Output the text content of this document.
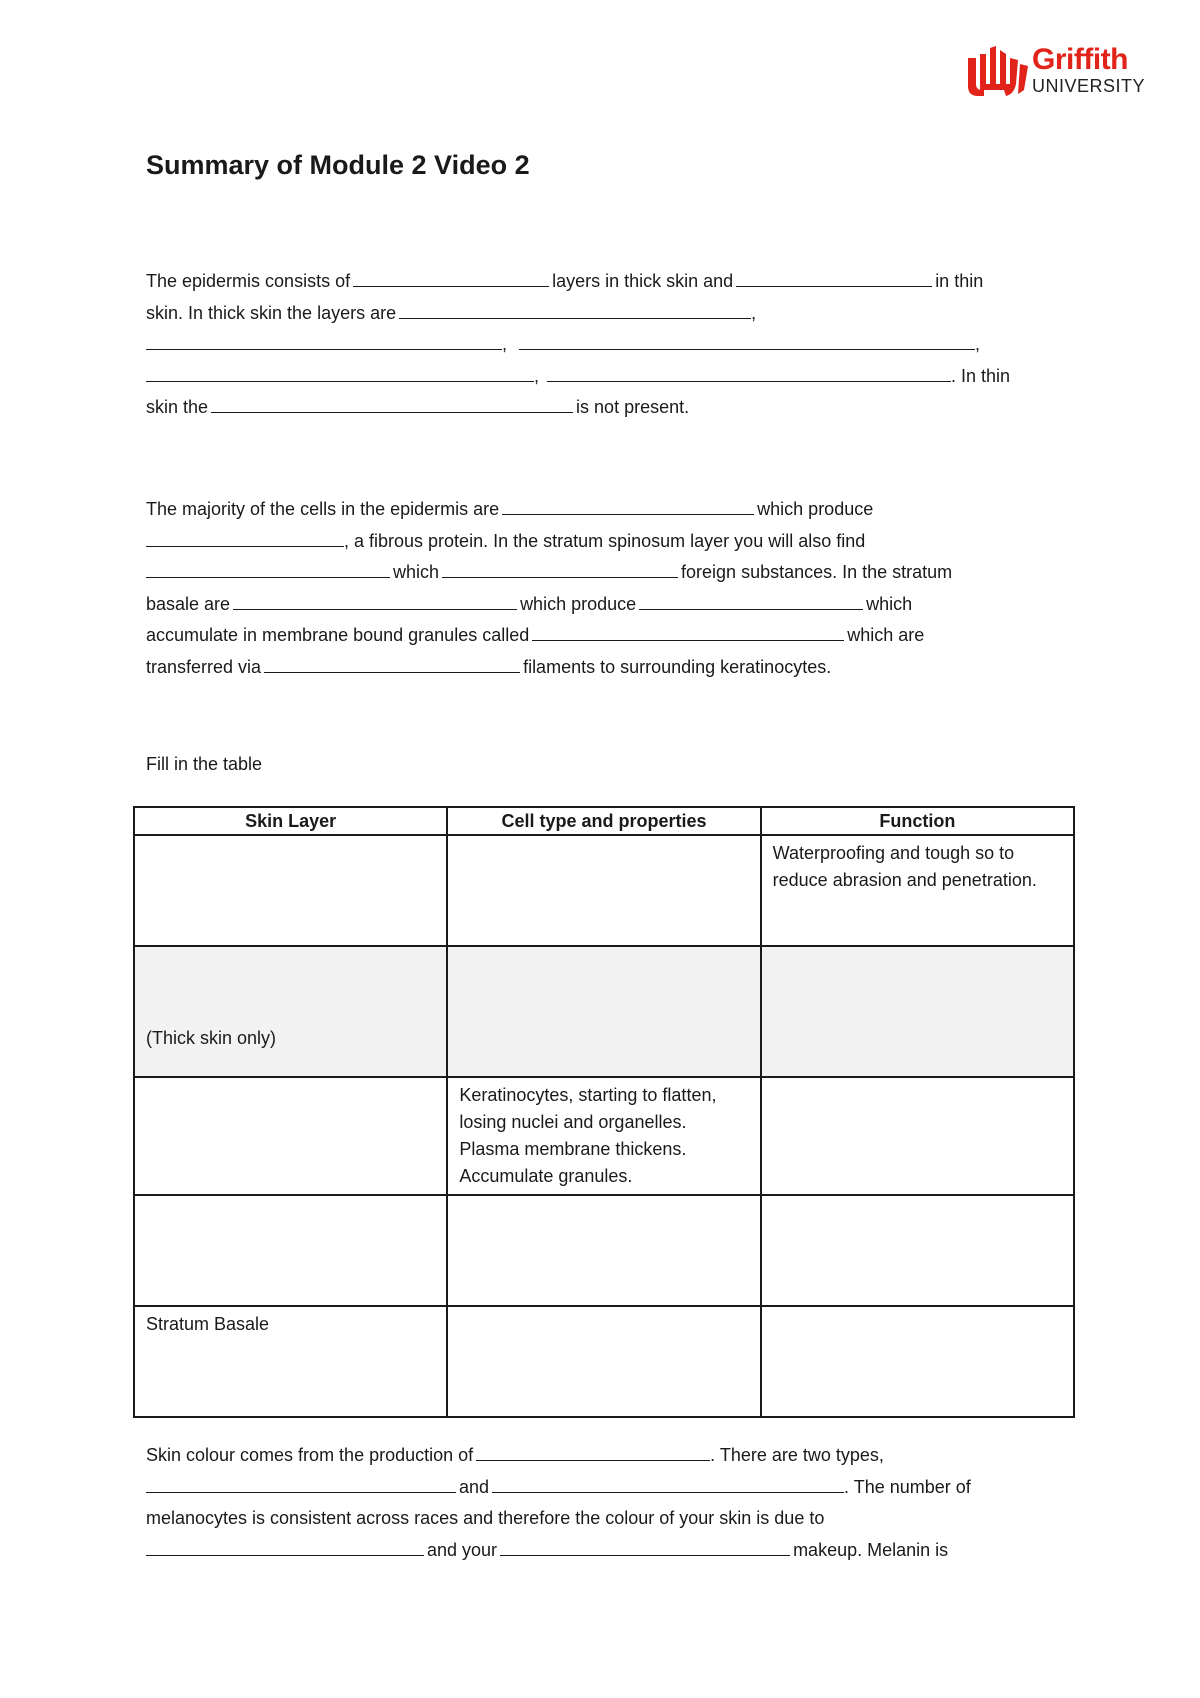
Griffith
UNIVERSITY
Summary of Module 2 Video 2
The epidermis consists of	layers in thick skin and	in thin
skin. In thick skin the layers are	,
,	,
,	. In thin
skin the	is not present.
The majority of the cells in the epidermis are	which produce
, a fibrous protein. In the stratum spinosum layer you will also find
which	foreign substances. In the stratum
basale are	which produce	which
accumulate in membrane bound granules called	which are
transferred via	filaments to surrounding keratinocytes.
Fill in the table
Skin Layer	Cell type and properties	Function
		Waterproofing and tough so to reduce abrasion and penetration.
(Thick skin only)		
	Keratinocytes, starting to flatten, losing nuclei and organelles. Plasma membrane thickens. Accumulate granules.	

Stratum Basale		
Skin colour comes from the production of	. There are two types,
and	. The number of
melanocytes is consistent across races and therefore the colour of your skin is due to
and your	makeup. Melanin is
